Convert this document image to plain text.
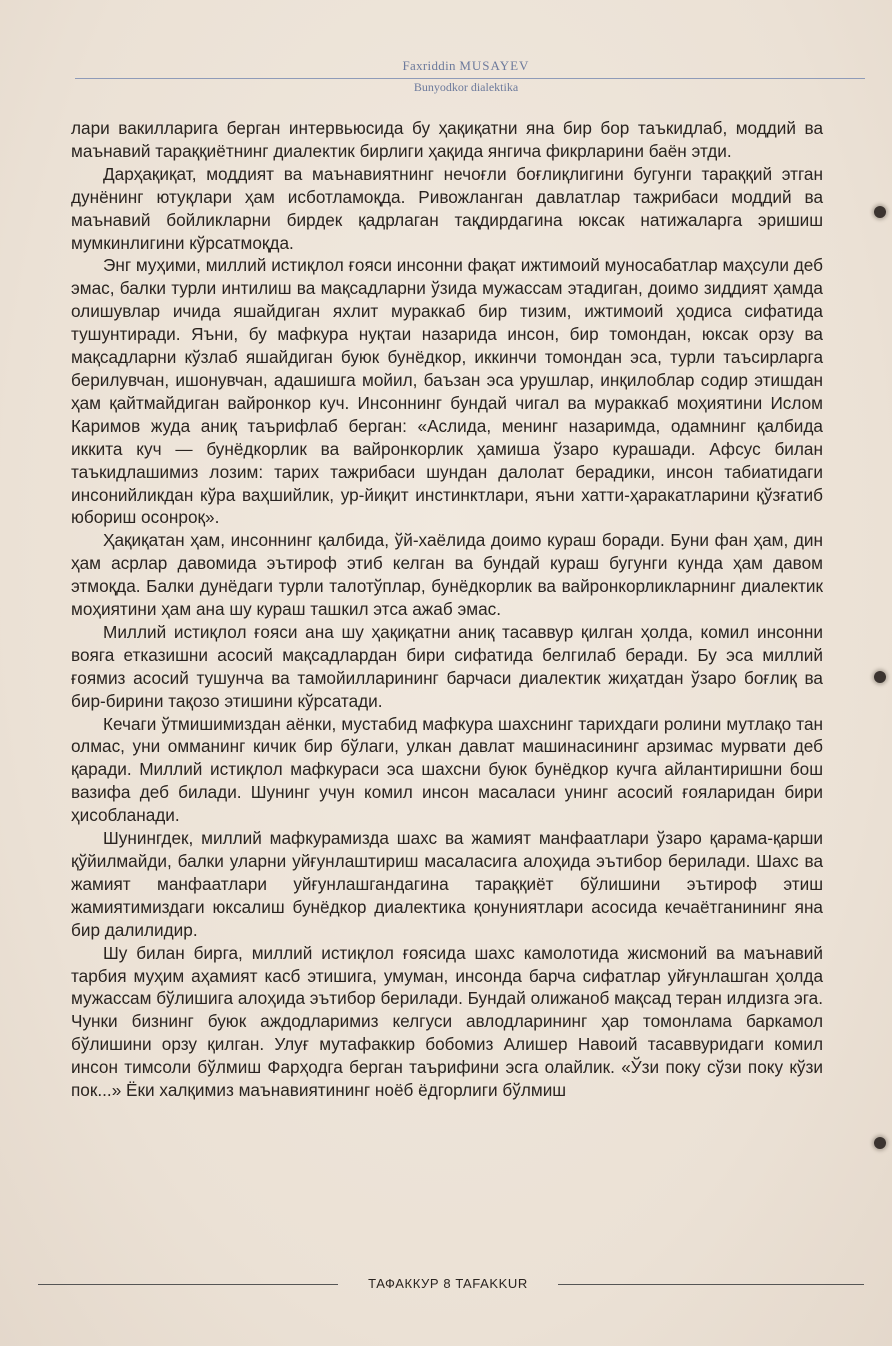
Faxriddin MUSAYEV
Bunyodkor dialektika

лари вакилларига берган интервьюсида бу ҳақиқатни яна бир бор таъкидлаб, моддий ва маънавий тараққиётнинг диалектик бирлиги ҳақида янгича фикрларини баён этди.

Дарҳақиқат, моддият ва маънавиятнинг нечоғли боғлиқлигини бугунги тараққий этган дунёнинг ютуқлари ҳам исботламоқда. Ривожланган давлатлар тажрибаси моддий ва маънавий бойликларни бирдек қадрлаган тақдирдагина юксак натижаларга эришиш мумкинлигини кўрсатмоқда.

Энг муҳими, миллий истиқлол ғояси инсонни фақат ижтимоий муносабатлар маҳсули деб эмас, балки турли интилиш ва мақсадларни ўзида мужассам этадиган, доимо зиддият ҳамда олишувлар ичида яшайдиган яхлит мураккаб бир тизим, ижтимоий ҳодиса сифатида тушунтиради. Яъни, бу мафкура нуқтаи назарида инсон, бир томондан, юксак орзу ва мақсадларни кўзлаб яшайдиган буюк бунёдкор, иккинчи томондан эса, турли таъсирларга берилувчан, ишонувчан, адашишга мойил, баъзан эса урушлар, инқилоблар содир этишдан ҳам қайтмайдиган вайронкор куч. Инсоннинг бундай чигал ва мураккаб моҳиятини Ислом Каримов жуда аниқ таърифлаб берган: «Аслида, менинг назаримда, одамнинг қалбида иккита куч — бунёдкорлик ва вайронкорлик ҳамиша ўзаро курашади. Афсус билан таъкидлашимиз лозим: тарих тажрибаси шундан далолат берадики, инсон табиатидаги инсонийликдан кўра ваҳшийлик, ур-йиқит инстинктлари, яъни хатти-ҳаракатларини қўзғатиб юбориш осонроқ».

Ҳақиқатан ҳам, инсоннинг қалбида, ўй-хаёлида доимо кураш боради. Буни фан ҳам, дин ҳам асрлар давомида эътироф этиб келган ва бундай кураш бугунги кунда ҳам давом этмоқда. Балки дунёдаги турли талотўплар, бунёдкорлик ва вайронкорликларнинг диалектик моҳиятини ҳам ана шу кураш ташкил этса ажаб эмас.

Миллий истиқлол ғояси ана шу ҳақиқатни аниқ тасаввур қилган ҳолда, комил инсонни вояга етказишни асосий мақсадлардан бири сифатида белгилаб беради. Бу эса миллий ғоямиз асосий тушунча ва тамойилларининг барчаси диалектик жиҳатдан ўзаро боғлиқ ва бир-бирини тақозо этишини кўрсатади.

Кечаги ўтмишимиздан аёнки, мустабид мафкура шахснинг тарихдаги ролини мутлақо тан олмас, уни омманинг кичик бир бўлаги, улкан давлат машинасининг арзимас мурвати деб қаради. Миллий истиқлол мафкураси эса шахсни буюк бунёдкор кучга айлантиришни бош вазифа деб билади. Шунинг учун комил инсон масаласи унинг асосий ғояларидан бири ҳисобланади.

Шунингдек, миллий мафкурамизда шахс ва жамият манфаатлари ўзаро қарама-қарши қўйилмайди, балки уларни уйғунлаштириш масаласига алоҳида эътибор берилади. Шахс ва жамият манфаатлари уйғунлашгандагина тараққиёт бўлишини эътироф этиш жамиятимиздаги юксалиш бунёдкор диалектика қонуниятлари асосида кечаётганининг яна бир далилидир.

Шу билан бирга, миллий истиқлол ғоясида шахс камолотида жисмоний ва маънавий тарбия муҳим аҳамият касб этишига, умуман, инсонда барча сифатлар уйғунлашган ҳолда мужассам бўлишига алоҳида эътибор берилади. Бундай олижаноб мақсад теран илдизга эга. Чунки бизнинг буюк аждодларимиз келгуси авлодларининг ҳар томонлама баркамол бўлишини орзу қилган. Улуғ мутафаккир бобомиз Алишер Навоий тасаввуридаги комил инсон тимсоли бўлмиш Фарҳодга берган таърифини эсга олайлик. «Ўзи поку сўзи поку кўзи пок...» Ёки халқимиз маънавиятининг ноёб ёдгорлиги бўлмиш

ТАФАККУР 8 TAFAKKUR
